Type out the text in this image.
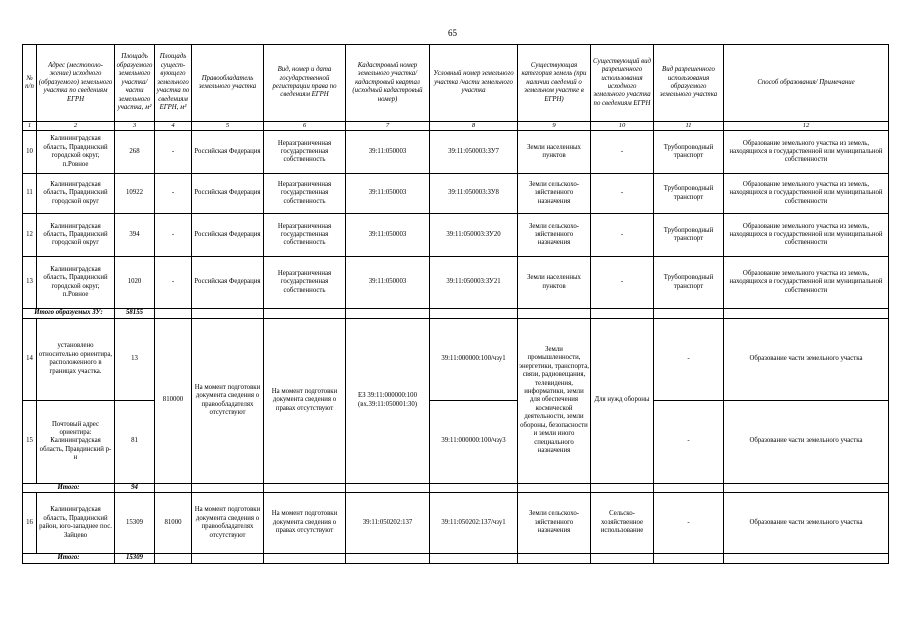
65
№ п/п	Адрес (местополо-жение) исходного (образуемого) земельного участка по сведениям ЕГРН	Площадь образуемого земельного участка/ части земельного участка, м²	Площадь сущест-вующего земельного участка по сведениям ЕГРН, м²	Правообладатель земельного участка	Вид, номер и дата государственной регистрации права по сведениям ЕГРН	Кадастровый номер земельного участка/ кадастровый квартал (исходный кадастровый номер)	Условный номер земельного участка /части земельного участка	Существующая категория земель (при наличии сведений о земельном участке в ЕГРН)	Существующий вид разрешенного использования исходного земельного участка по сведениям ЕГРН	Вид разрешенного использования образуемого земельного участка	Способ образования/ Примечание
1	2	3	4	5	6	7	8	9	10	11	12
10	Калининградская область, Правдинский городской округ, п.Ровное	268	-	Российская Федерация	Неразграниченная государственная собственность	39:11:050003	39:11:050003:ЗУ7	Земли населенных пунктов	-	Трубопроводный транспорт	Образование земельного участка из земель, находящихся в государственной или муниципальной собственности
11	Калининградская область, Правдинский городской округ	10922	-	Российская Федерация	Неразграниченная государственная собственность	39:11:050003	39:11:050003:ЗУ8	Земли сельскохо-зяйственного назначения	-	Трубопроводный транспорт	Образование земельного участка из земель, находящихся в государственной или муниципальной собственности
12	Калининградская область, Правдинский городской округ	394	-	Российская Федерация	Неразграниченная государственная собственность	39:11:050003	39:11:050003:ЗУ20	Земли сельскохо-зяйственного назначения	-	Трубопроводный транспорт	Образование земельного участка из земель, находящихся в государственной или муниципальной собственности
13	Калининградская область, Правдинский городской округ, п.Ровное	1020	-	Российская Федерация	Неразграниченная государственная собственность	39:11:050003	39:11:050003:ЗУ21	Земли населенных пунктов	-	Трубопроводный транспорт	Образование земельного участка из земель, находящихся в государственной или муниципальной собственности
Итого образуемых ЗУ:		58155									
14	установлено относительно ориентира, расположенного в границах участка.	13	810000	На момент подготовки документа сведения о правообладателях отсутствуют	На момент подготовки документа сведения о правах отсутствуют	ЕЗ 39:11:000000:100 (вх.39:11:050001:30)	39:11:000000:100/чзу1	Земли промышленности, энергетики, транспорта, связи, радиовещания, телевидения, информатики, земли для обеспечения космической деятельности, земли обороны, безопасности и земли иного специального назначения	Для нужд обороны	-	Образование части земельного участка
15	Почтовый адрес ориентира: Калининградская область, Правдинский р-н	81					39:11:000000:100/чзу3			-	Образование части земельного участка
Итого:		94									
16	Калининградская область, Правдинский район, юго-западнее пос. Зайцево	15309	81000	На момент подготовки документа сведения о правообладателях отсутствуют	На момент подготовки документа сведения о правах отсутствуют	39:11:050202:137	39:11:050202:137/чзу1	Земли сельскохо-зяйственного назначения	Сельско-хозяйственное использование	-	Образование части земельного участка
Итого:		15309									
